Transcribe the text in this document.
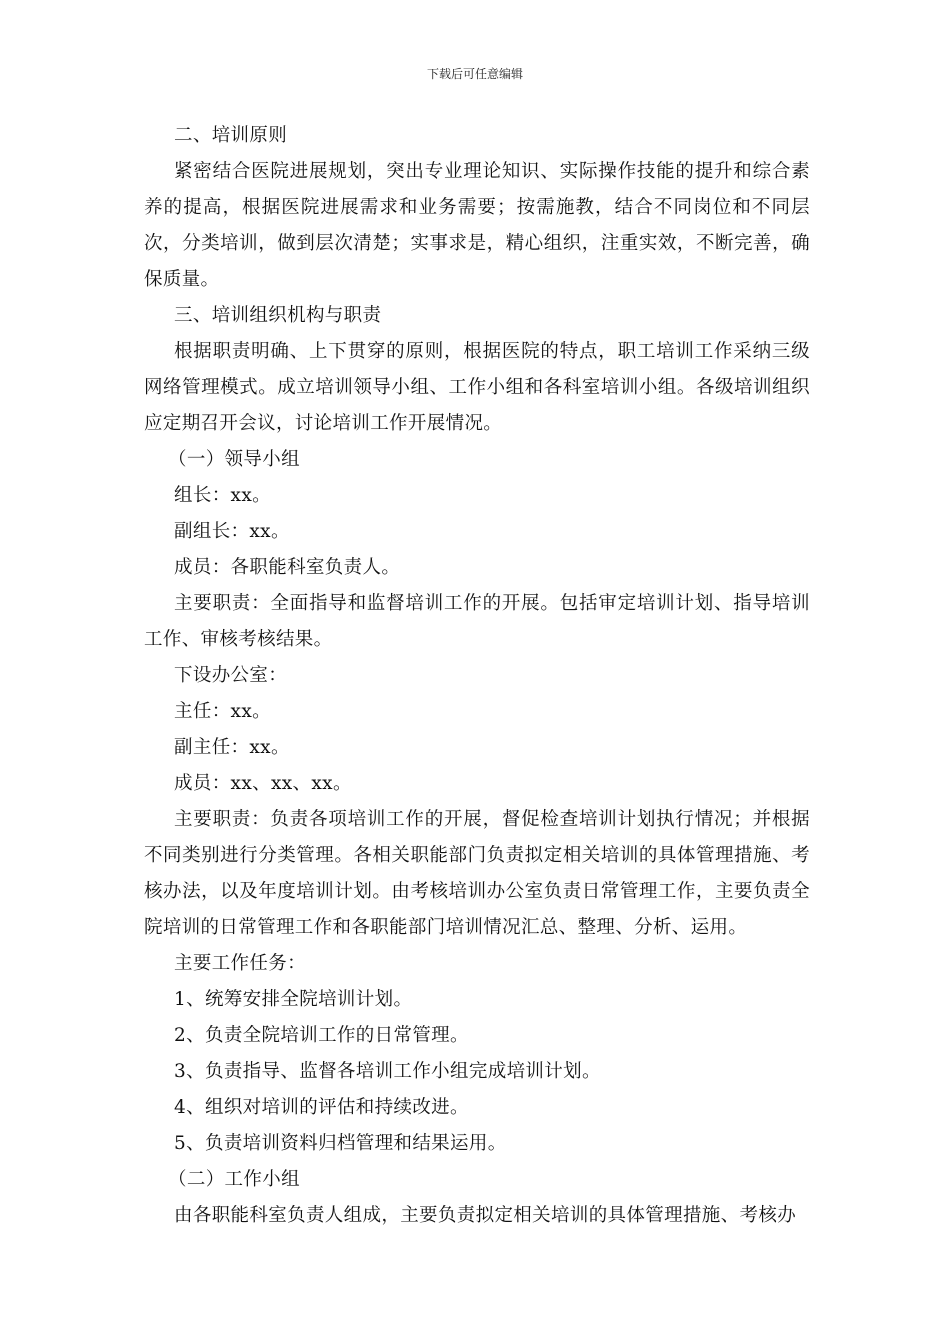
下载后可任意编辑

二、培训原则

紧密结合医院进展规划，突出专业理论知识、实际操作技能的提升和综合素养的提高，根据医院进展需求和业务需要；按需施教，结合不同岗位和不同层次，分类培训，做到层次清楚；实事求是，精心组织，注重实效，不断完善，确保质量。

三、培训组织机构与职责

根据职责明确、上下贯穿的原则，根据医院的特点，职工培训工作采纳三级网络管理模式。成立培训领导小组、工作小组和各科室培训小组。各级培训组织应定期召开会议，讨论培训工作开展情况。

（一）领导小组

组长：xx。

副组长：xx。

成员：各职能科室负责人。

主要职责：全面指导和监督培训工作的开展。包括审定培训计划、指导培训工作、审核考核结果。

下设办公室：

主任：xx。

副主任：xx。

成员：xx、xx、xx。

主要职责：负责各项培训工作的开展，督促检查培训计划执行情况；并根据不同类别进行分类管理。各相关职能部门负责拟定相关培训的具体管理措施、考核办法，以及年度培训计划。由考核培训办公室负责日常管理工作，主要负责全院培训的日常管理工作和各职能部门培训情况汇总、整理、分析、运用。

主要工作任务：

1、统筹安排全院培训计划。

2、负责全院培训工作的日常管理。

3、负责指导、监督各培训工作小组完成培训计划。

4、组织对培训的评估和持续改进。

5、负责培训资料归档管理和结果运用。

（二）工作小组

由各职能科室负责人组成，主要负责拟定相关培训的具体管理措施、考核办
